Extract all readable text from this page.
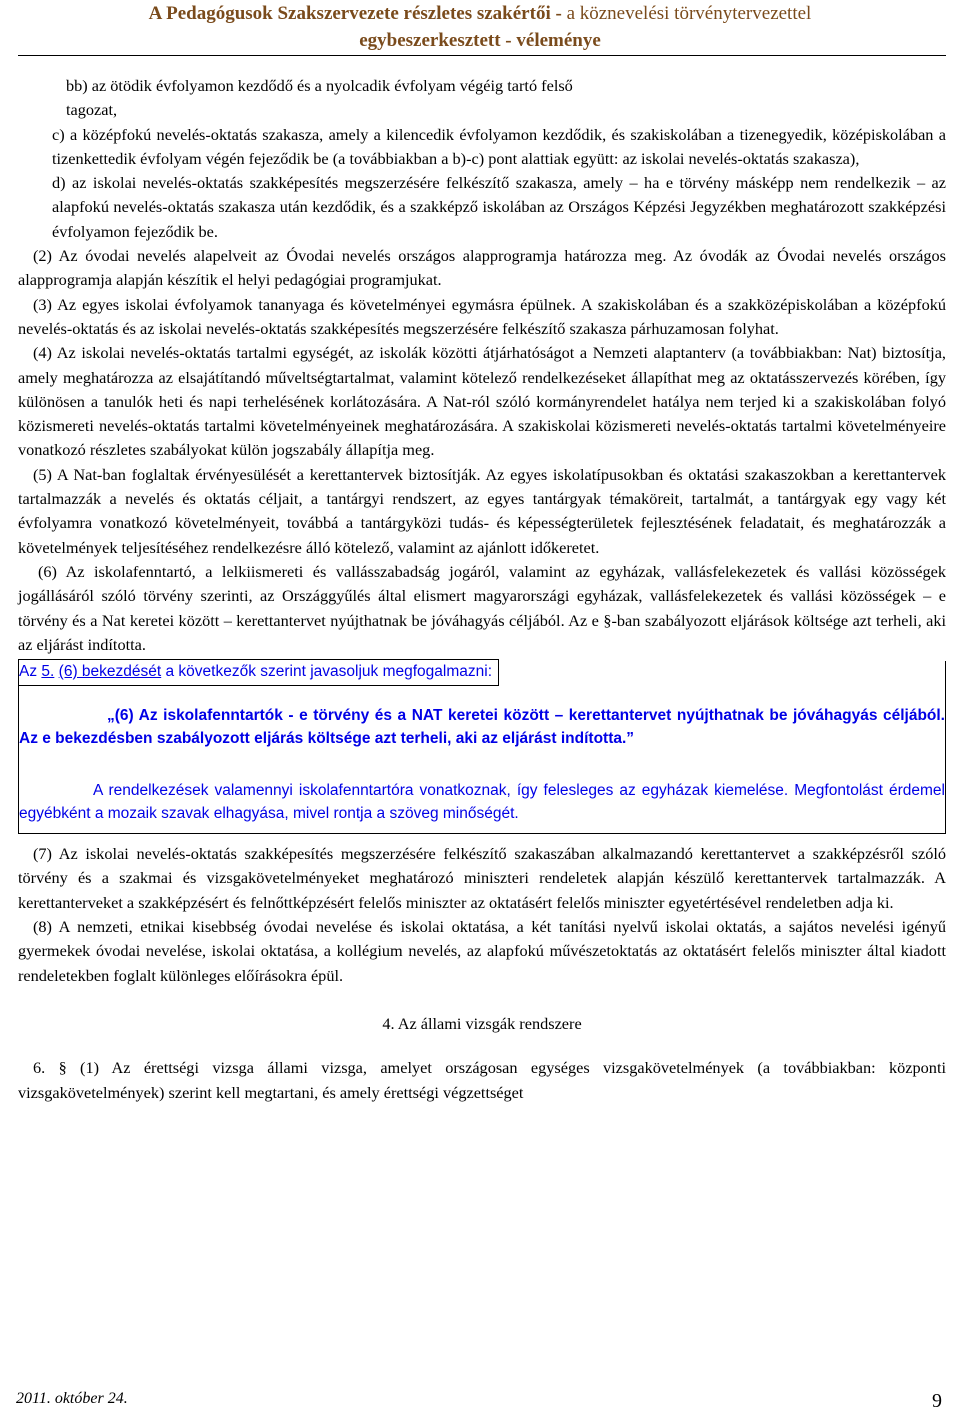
A Pedagógusok Szakszervezete részletes szakértői - a köznevelési törvénytervezettel
egybeszerkesztett - véleménye

bb) az ötödik évfolyamon kezdődő és a nyolcadik évfolyam végéig tartó felső

tagozat,

c) a középfokú nevelés-oktatás szakasza, amely a kilencedik évfolyamon kezdődik, és szakiskolában a tizenegyedik, középiskolában a tizenkettedik évfolyam végén fejeződik be (a továbbiakban a b)-c) pont alattiak együtt: az iskolai nevelés-oktatás szakasza),

d) az iskolai nevelés-oktatás szakképesítés megszerzésére felkészítő szakasza, amely – ha e törvény másképp nem rendelkezik – az alapfokú nevelés-oktatás szakasza után kezdődik, és a szakképző iskolában az Országos Képzési Jegyzékben meghatározott szakképzési évfolyamon fejeződik be.

(2) Az óvodai nevelés alapelveit az Óvodai nevelés országos alapprogramja határozza meg. Az óvodák az Óvodai nevelés országos alapprogramja alapján készítik el helyi pedagógiai programjukat.

(3) Az egyes iskolai évfolyamok tananyaga és követelményei egymásra épülnek. A szakiskolában és a szakközépiskolában a középfokú nevelés-oktatás és az iskolai nevelés-oktatás szakképesítés megszerzésére felkészítő szakasza párhuzamosan folyhat.

(4) Az iskolai nevelés-oktatás tartalmi egységét, az iskolák közötti átjárhatóságot a Nemzeti alaptanterv (a továbbiakban: Nat) biztosítja, amely meghatározza az elsajátítandó műveltségtartalmat, valamint kötelező rendelkezéseket állapíthat meg az oktatásszervezés körében, így különösen a tanulók heti és napi terhelésének korlátozására. A Nat-ról szóló kormányrendelet hatálya nem terjed ki a szakiskolában folyó közismereti nevelés-oktatás tartalmi követelményeinek meghatározására. A szakiskolai közismereti nevelés-oktatás tartalmi követelményeire vonatkozó részletes szabályokat külön jogszabály állapítja meg.

(5) A Nat-ban foglaltak érvényesülését a kerettantervek biztosítják. Az egyes iskolatípusokban és oktatási szakaszokban a kerettantervek tartalmazzák a nevelés és oktatás céljait, a tantárgyi rendszert, az egyes tantárgyak témaköreit, tartalmát, a tantárgyak egy vagy két évfolyamra vonatkozó követelményeit, továbbá a tantárgyközi tudás- és képességterületek fejlesztésének feladatait, és meghatározzák a követelmények teljesítéséhez rendelkezésre álló kötelező, valamint az ajánlott időkeretet.

(6) Az iskolafenntartó, a lelkiismereti és vallásszabadság jogáról, valamint az egyházak, vallásfelekezetek és vallási közösségek jogállásáról szóló törvény szerinti, az Országgyűlés által elismert magyarországi egyházak, vallásfelekezetek és vallási közösségek – e törvény és a Nat keretei között – kerettantervet nyújthatnak be jóváhagyás céljából. Az e §-ban szabályozott eljárások költsége azt terheli, aki az eljárást indította.

Az 5. (6) bekezdését a következők szerint javasoljuk megfogalmazni:

„(6) Az iskolafenntartók - e törvény és a NAT keretei között – kerettantervet nyújthatnak be jóváhagyás céljából. Az e bekezdésben szabályozott eljárás költsége azt terheli, aki az eljárást indította.”

A rendelkezések valamennyi iskolafenntartóra vonatkoznak, így felesleges az egyházak kiemelése. Megfontolást érdemel egyébként a mozaik szavak elhagyása, mivel rontja a szöveg minőségét.

(7) Az iskolai nevelés-oktatás szakképesítés megszerzésére felkészítő szakaszában alkalmazandó kerettantervet a szakképzésről szóló törvény és a szakmai és vizsgakövetelményeket meghatározó miniszteri rendeletek alapján készülő kerettantervek tartalmazzák. A kerettanterveket a szakképzésért és felnőttképzésért felelős miniszter az oktatásért felelős miniszter egyetértésével rendeletben adja ki.

(8) A nemzeti, etnikai kisebbség óvodai nevelése és iskolai oktatása, a két tanítási nyelvű iskolai oktatás, a sajátos nevelési igényű gyermekek óvodai nevelése, iskolai oktatása, a kollégium nevelés, az alapfokú művészetoktatás az oktatásért felelős miniszter által kiadott rendeletekben foglalt különleges előírásokra épül.

4. Az állami vizsgák rendszere

6. § (1) Az érettségi vizsga állami vizsga, amelyet országosan egységes vizsgakövetelmények (a továbbiakban: központi vizsgakövetelmények) szerint kell megtartani, és amely érettségi végzettséget

2011. október 24.	9
